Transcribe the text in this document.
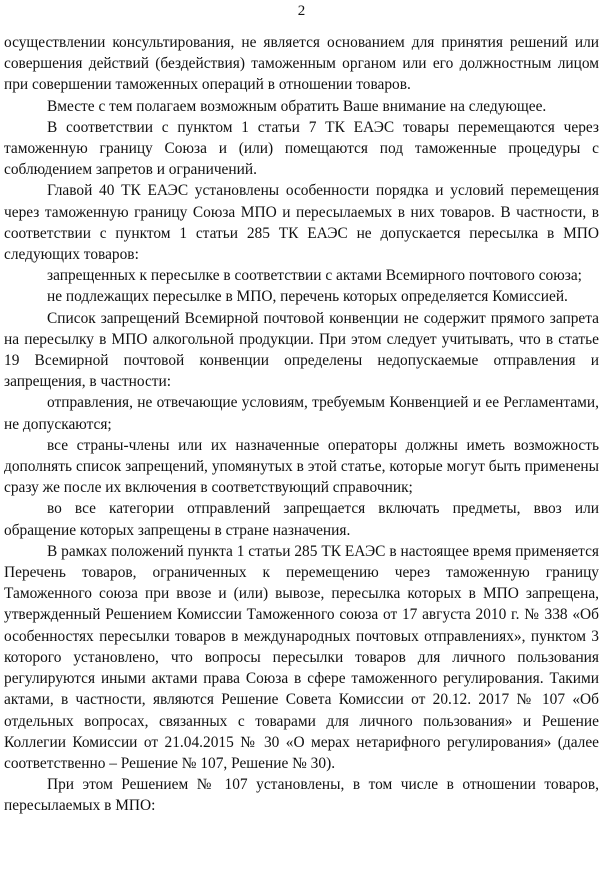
2

осуществлении консультирования, не является основанием для принятия решений или совершения действий (бездействия) таможенным органом или его должностным лицом при совершении таможенных операций в отношении товаров.

Вместе с тем полагаем возможным обратить Ваше внимание на следующее.

В соответствии с пунктом 1 статьи 7 ТК ЕАЭС товары перемещаются через таможенную границу Союза и (или) помещаются под таможенные процедуры с соблюдением запретов и ограничений.

Главой 40 ТК ЕАЭС установлены особенности порядка и условий перемещения через таможенную границу Союза МПО и пересылаемых в них товаров. В частности, в соответствии с пунктом 1 статьи 285 ТК ЕАЭС не допускается пересылка в МПО следующих товаров:

запрещенных к пересылке в соответствии с актами Всемирного почтового союза;

не подлежащих пересылке в МПО, перечень которых определяется Комиссией.

Список запрещений Всемирной почтовой конвенции не содержит прямого запрета на пересылку в МПО алкогольной продукции. При этом следует учитывать, что в статье 19 Всемирной почтовой конвенции определены недопускаемые отправления и запрещения, в частности:

отправления, не отвечающие условиям, требуемым Конвенцией и ее Регламентами, не допускаются;

все страны-члены или их назначенные операторы должны иметь возможность дополнять список запрещений, упомянутых в этой статье, которые могут быть применены сразу же после их включения в соответствующий справочник;

во все категории отправлений запрещается включать предметы, ввоз или обращение которых запрещены в стране назначения.

В рамках положений пункта 1 статьи 285 ТК ЕАЭС в настоящее время применяется Перечень товаров, ограниченных к перемещению через таможенную границу Таможенного союза при ввозе и (или) вывозе, пересылка которых в МПО запрещена, утвержденный Решением Комиссии Таможенного союза от 17 августа 2010 г. № 338 «Об особенностях пересылки товаров в международных почтовых отправлениях», пунктом 3 которого установлено, что вопросы пересылки товаров для личного пользования регулируются иными актами права Союза в сфере таможенного регулирования. Такими актами, в частности, являются Решение Совета Комиссии от 20.12. 2017 № 107 «Об отдельных вопросах, связанных с товарами для личного пользования» и Решение Коллегии Комиссии от 21.04.2015 № 30 «О мерах нетарифного регулирования» (далее соответственно – Решение № 107, Решение № 30).

При этом Решением № 107 установлены, в том числе в отношении товаров, пересылаемых в МПО:
